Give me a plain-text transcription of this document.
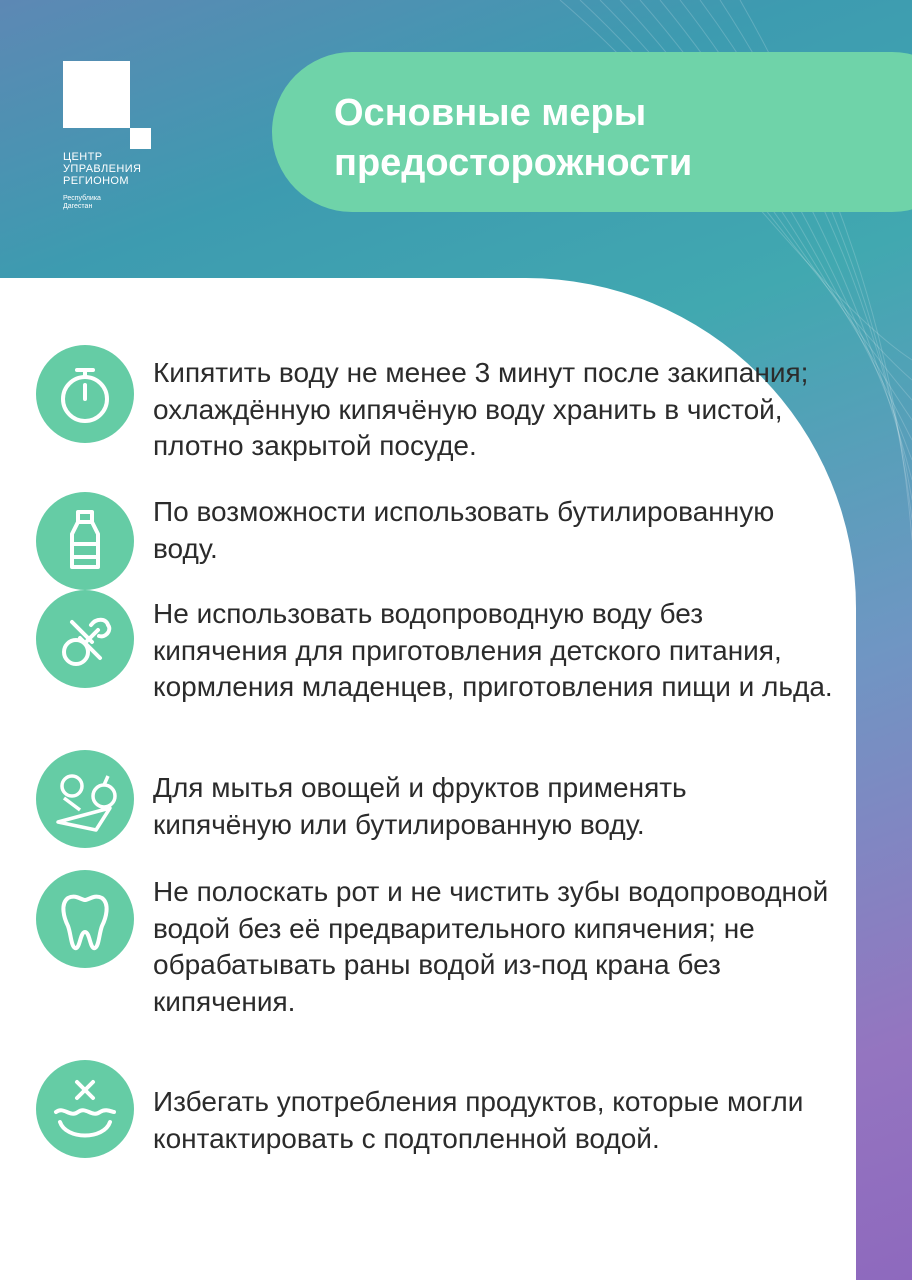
ЦЕНТР
УПРАВЛЕНИЯ
РЕГИОНОМ
Республика
Дагестан
Основные меры предосторожности
Кипятить воду не менее 3 минут после закипания; охлаждённую кипячёную воду хранить в чистой, плотно закрытой посуде.
По возможности использовать бутилированную воду.
Не использовать водопроводную воду без кипячения для приготовления детского питания, кормления младенцев, приготовления пищи и льда.
Для мытья овощей и фруктов применять кипячёную или бутилированную воду.
Не полоскать рот и не чистить зубы водопроводной водой без её предварительного кипячения; не обрабатывать раны водой из-под крана без кипячения.
Избегать употребления продуктов, которые могли контактировать с подтопленной водой.
